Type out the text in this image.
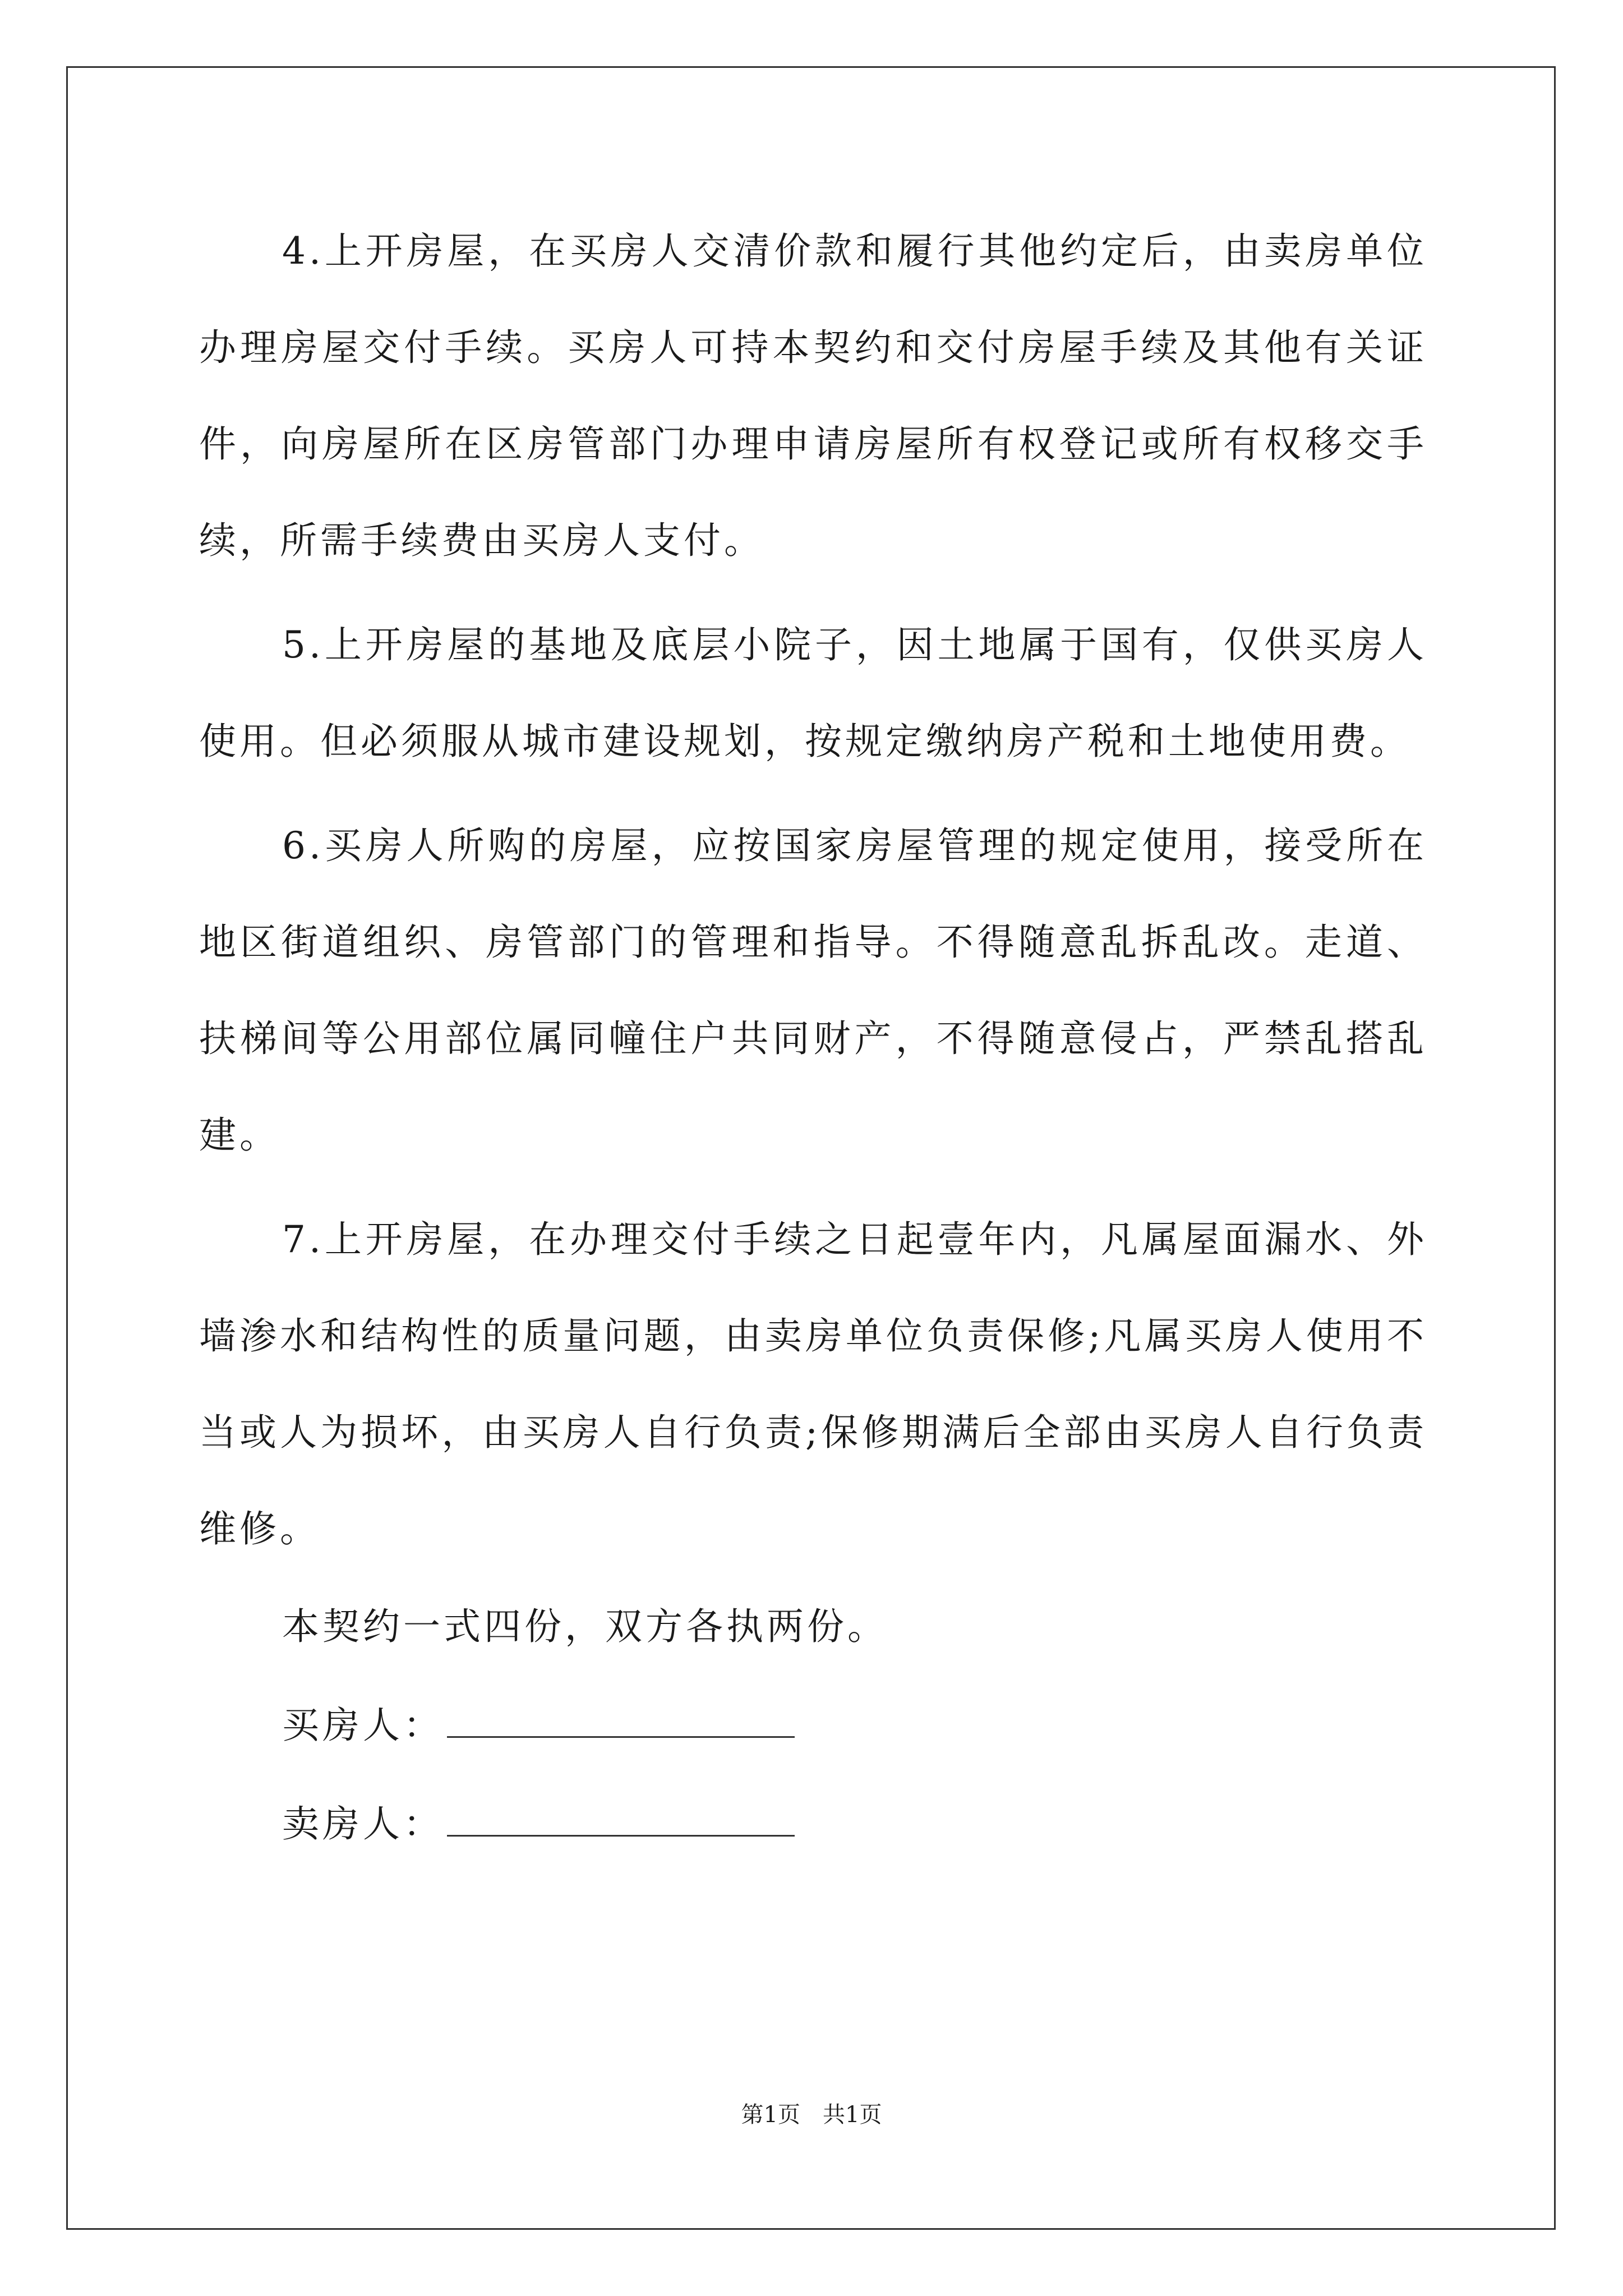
4.上开房屋，在买房人交清价款和履行其他约定后，由卖房单位办理房屋交付手续。买房人可持本契约和交付房屋手续及其他有关证件，向房屋所在区房管部门办理申请房屋所有权登记或所有权移交手续，所需手续费由买房人支付。

5.上开房屋的基地及底层小院子，因土地属于国有，仅供买房人使用。但必须服从城市建设规划，按规定缴纳房产税和土地使用费。

6.买房人所购的房屋，应按国家房屋管理的规定使用，接受所在地区街道组织、房管部门的管理和指导。不得随意乱拆乱改。走道、扶梯间等公用部位属同幢住户共同财产，不得随意侵占，严禁乱搭乱建。

7.上开房屋，在办理交付手续之日起壹年内，凡属屋面漏水、外墙渗水和结构性的质量问题，由卖房单位负责保修;凡属买房人使用不当或人为损坏，由买房人自行负责;保修期满后全部由买房人自行负责维修。

本契约一式四份，双方各执两份。

买房人：
卖房人：
第1页　共1页
